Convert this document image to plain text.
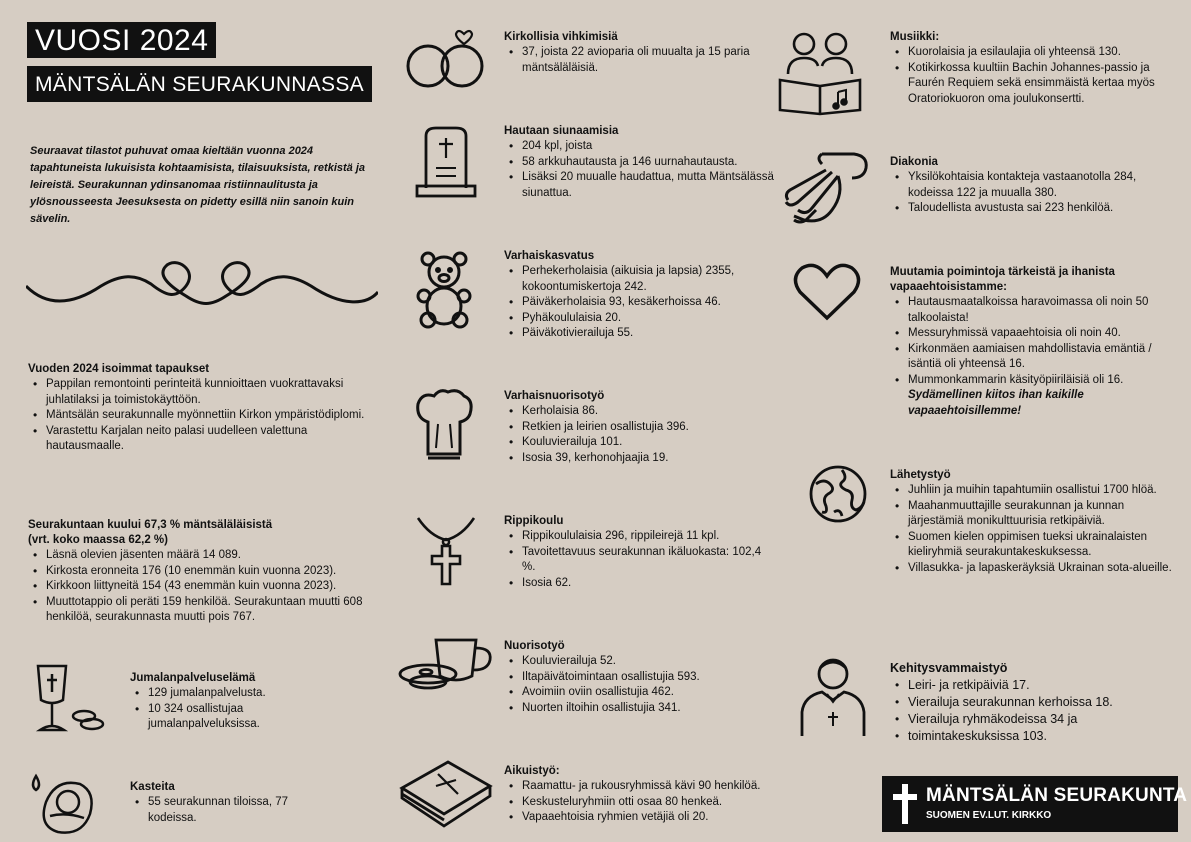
VUOSI 2024
MÄNTSÄLÄN SEURAKUNNASSA
Seuraavat tilastot puhuvat omaa kieltään vuonna 2024 tapahtuneista lukuisista kohtaamisista, tilaisuuksista, retkistä ja leireistä. Seurakunnan ydinsanomaa ristiinnaulitusta ja ylösnousseesta Jeesuksesta on pidetty esillä niin sanoin kuin sävelin.
Vuoden 2024 isoimmat tapaukset
• Pappilan remontointi perinteitä kunnioittaen vuokrattavaksi juhlatilaksi ja toimistokäyttöön.
• Mäntsälän seurakunnalle myönnettiin Kirkon ympäristödiplomi.
• Varastettu Karjalan neito palasi uudelleen valettuna hautausmaalle.
Seurakuntaan kuului 67,3 % mäntsäläläisistä
(vrt. koko maassa 62,2 %)
• Läsnä olevien jäsenten määrä 14 089.
• Kirkosta eronneita 176 (10 enemmän kuin vuonna 2023).
• Kirkkoon liittyneitä 154 (43 enemmän kuin vuonna 2023).
• Muuttotappio oli peräti 159 henkilöä. Seurakuntaan muutti 608 henkilöä, seurakunnasta muutti pois 767.
Jumalanpalveluselämä
• 129 jumalanpalvelusta.
• 10 324 osallistujaa jumalanpalveluksissa.
Kasteita
• 55 seurakunnan tiloissa, 77 kodeissa.
Kirkollisia vihkimisiä
• 37, joista 22 avioparia oli muualta ja 15 paria mäntsäläläisiä.
Hautaan siunaamisia
• 204 kpl, joista
• 58 arkkuhautausta ja 146 uurnahautausta.
• Lisäksi 20 muualle haudattua, mutta Mäntsälässä siunattua.
Varhaiskasvatus
• Perhekerholaisia (aikuisia ja lapsia) 2355, kokoontumiskertoja 242.
• Päiväkerholaisia 93, kesäkerhoissa 46.
• Pyhäkoululaisia 20.
• Päiväkotivierailuja 55.
Varhaisnuorisotyö
• Kerholaisia 86.
• Retkien ja leirien osallistujia 396.
• Kouluvierailuja 101.
• Isosia 39, kerhonohjaajia 19.
Rippikoulu
• Rippikoululaisia 296, rippileirejä 11 kpl.
• Tavoitettavuus seurakunnan ikäluokasta: 102,4 %.
• Isosia 62.
Nuorisotyö
• Kouluvierailuja 52.
• Iltapäivätoimintaan osallistujia 593.
• Avoimiin oviin osallistujia 462.
• Nuorten iltoihin osallistujia 341.
Aikuistyö:
• Raamattu- ja rukousryhmissä kävi 90 henkilöä.
• Keskusteluryhmiin otti osaa 80 henkeä.
• Vapaaehtoisia ryhmien vetäjiä oli 20.
Musiikki:
• Kuorolaisia ja esilaulajia oli yhteensä 130.
• Kotikirkossa kuultiin Bachin Johannes-passio ja Faurén Requiem sekä ensimmäistä kertaa myös Oratoriokuoron oma joulukonsertti.
Diakonia
• Yksilökohtaisia kontakteja vastaanotolla 284, kodeissa 122 ja muualla 380.
• Taloudellista avustusta sai 223 henkilöä.
Muutamia poimintoja tärkeistä ja ihanista
vapaaehtoisistamme:
• Hautausmaatalkoissa haravoimassa oli noin 50 talkoolaista!
• Messuryhmissä vapaaehtoisia oli noin 40.
• Kirkonmäen aamiaisen mahdollistavia emäntiä / isäntiä oli yhteensä 16.
• Mummonkammarin käsityöpiiriläisiä oli 16.
Sydämellinen kiitos ihan kaikille vapaaehtoisillemme!
Lähetystyö
• Juhliin ja muihin tapahtumiin osallistui 1700 hlöä.
• Maahanmuuttajille seurakunnan ja kunnan järjestämiä monikulttuurisia retkipäiviä.
• Suomen kielen oppimisen tueksi ukrainalaisten kieliryhmiä seurakuntakeskuksessa.
• Villasukka- ja lapaskeräyksiä Ukrainan sota-alueille.
Kehitysvammaistyö
• Leiri- ja retkipäiviä 17.
• Vierailuja seurakunnan kerhoissa 18.
• Vierailuja ryhmäkodeissa 34 ja
• toimintakeskuksissa 103.
MÄNTSÄLÄN SEURAKUNTA
SUOMEN EV.LUT. KIRKKO
